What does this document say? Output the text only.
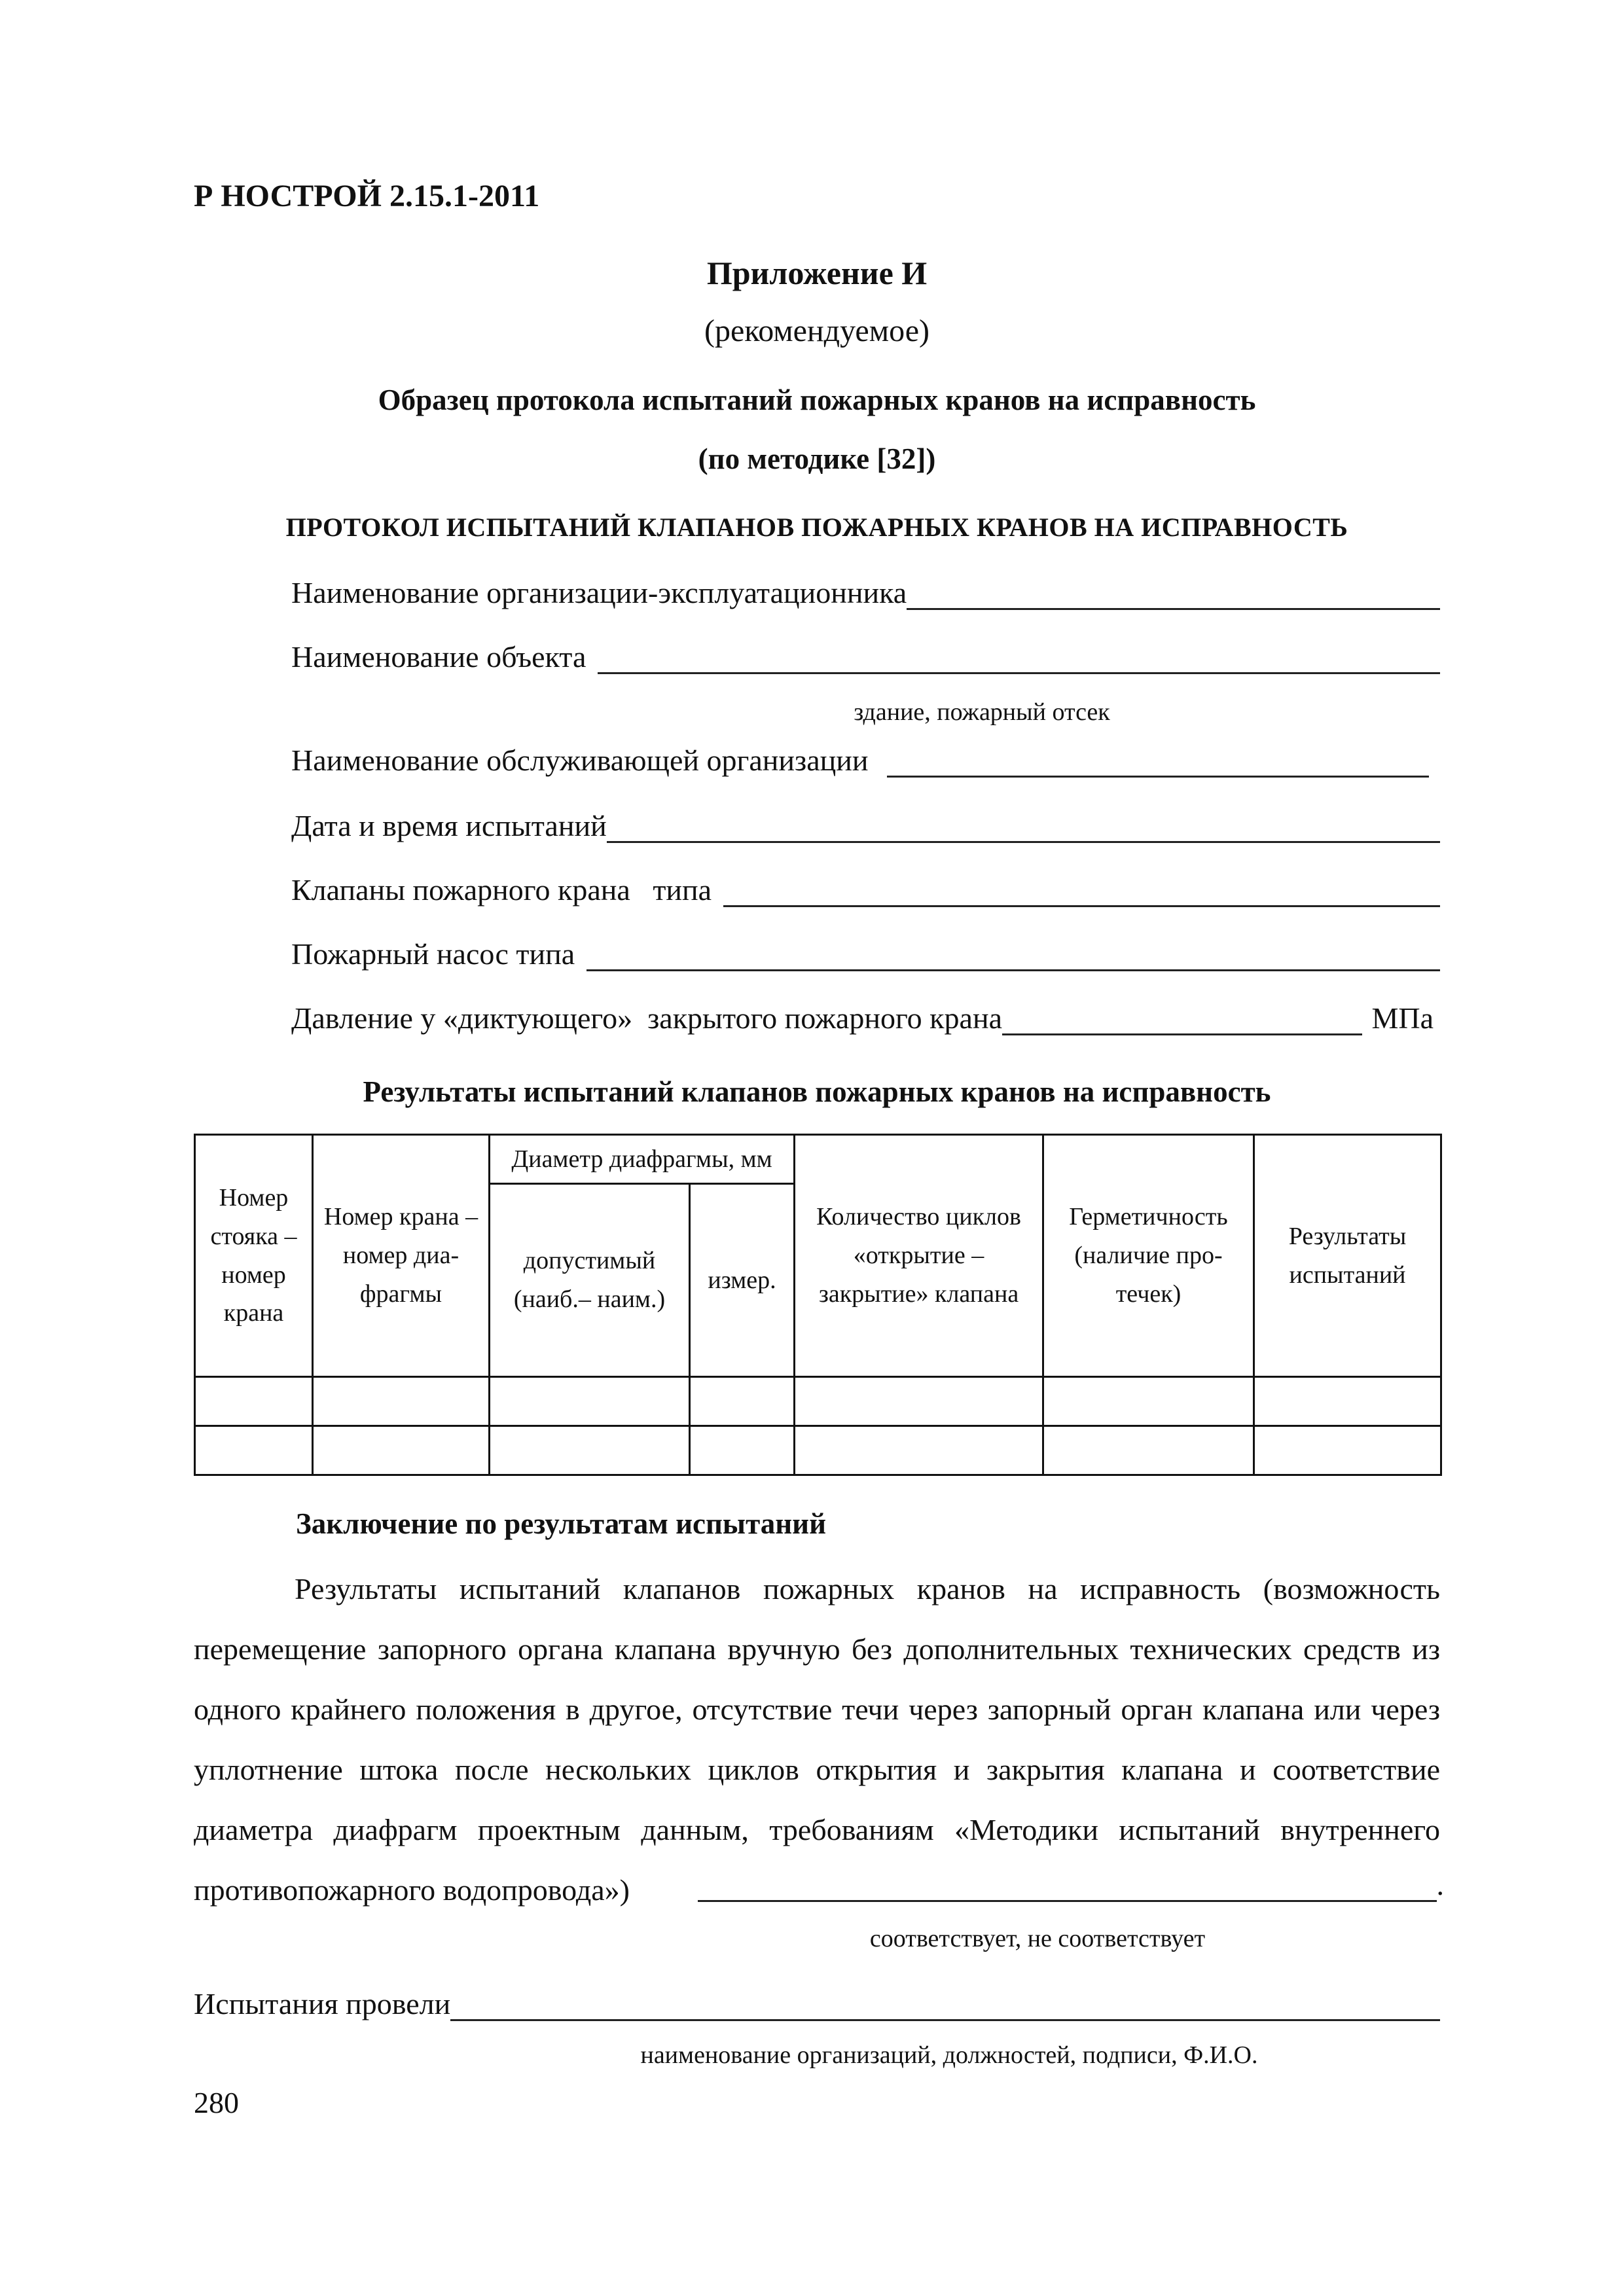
Р НОСТРОЙ 2.15.1-2011
Приложение И
(рекомендуемое)
Образец протокола испытаний пожарных кранов на исправность
(по методике [32])
ПРОТОКОЛ ИСПЫТАНИЙ КЛАПАНОВ ПОЖАРНЫХ КРАНОВ НА ИСПРАВНОСТЬ
Наименование организации-эксплуатационника
Наименование объекта
здание, пожарный отсек
Наименование обслуживающей организации
Дата и время испытаний
Клапаны пожарного крана   типа
Пожарный насос типа
Давление у «диктующего»  закрытого пожарного крана	МПа
Результаты испытаний клапанов пожарных кранов на исправность
Номер стояка – номер крана	Номер крана – номер диафрагмы	Диаметр диафрагмы, мм		Количество циклов «открытие – закрытие» клапана	Герметичность (наличие протечек)	Результаты испытаний
		допустимый (наиб.– наим.)	измер.			

Заключение по результатам испытаний
Результаты испытаний клапанов пожарных кранов на исправность (возможность перемещение запорного органа клапана вручную без дополнительных технических средств из одного крайнего положения в другое, отсутствие течи через запорный орган клапана или через уплотнение штока после нескольких циклов открытия и закрытия клапана и соответствие диаметра диафрагм проектным данным, требованиям «Методики испытаний внутреннего противопожарного водопровода»)	.
соответствует, не соответствует
Испытания провели
наименование организаций, должностей, подписи, Ф.И.О.
280
